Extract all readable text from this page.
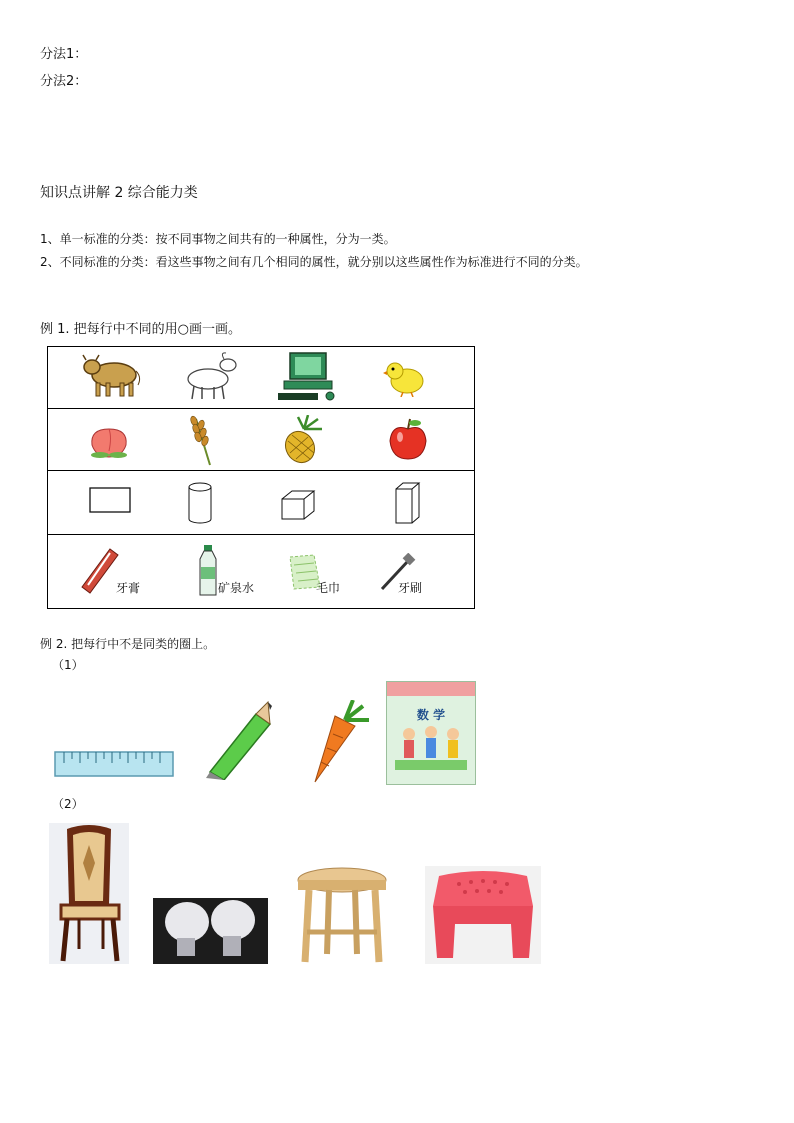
分法1：
分法2：
知识点讲解 2 综合能力类
1、单一标准的分类：按不同事物之间共有的一种属性，分为一类。
2、不同标准的分类：看这些事物之间有几个相同的属性，就分别以这些属性作为标准进行不同的分类。
例 1. 把每行中不同的用○画一画。

牙膏	矿泉水	毛巾	牙刷
例 2. 把每行中不是同类的圈上。
（1）
数 学
（2）
